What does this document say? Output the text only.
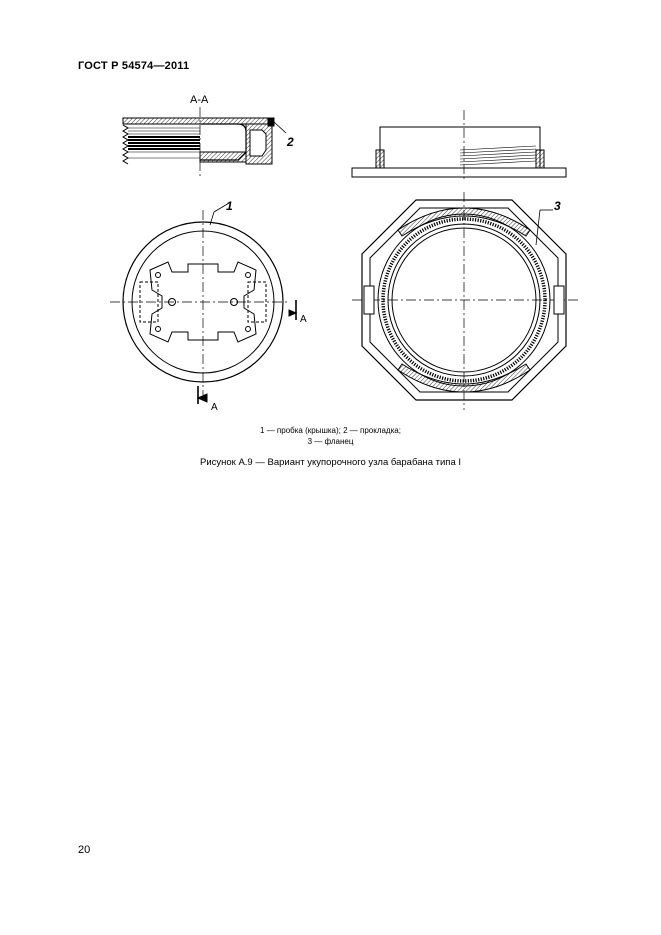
ГОСТ Р 54574—2011
А-А
2
1
А
А
3
1 — пробка (крышка); 2 — прокладка;
3 — фланец
Рисунок А.9 — Вариант укупорочного узла барабана типа I
20
